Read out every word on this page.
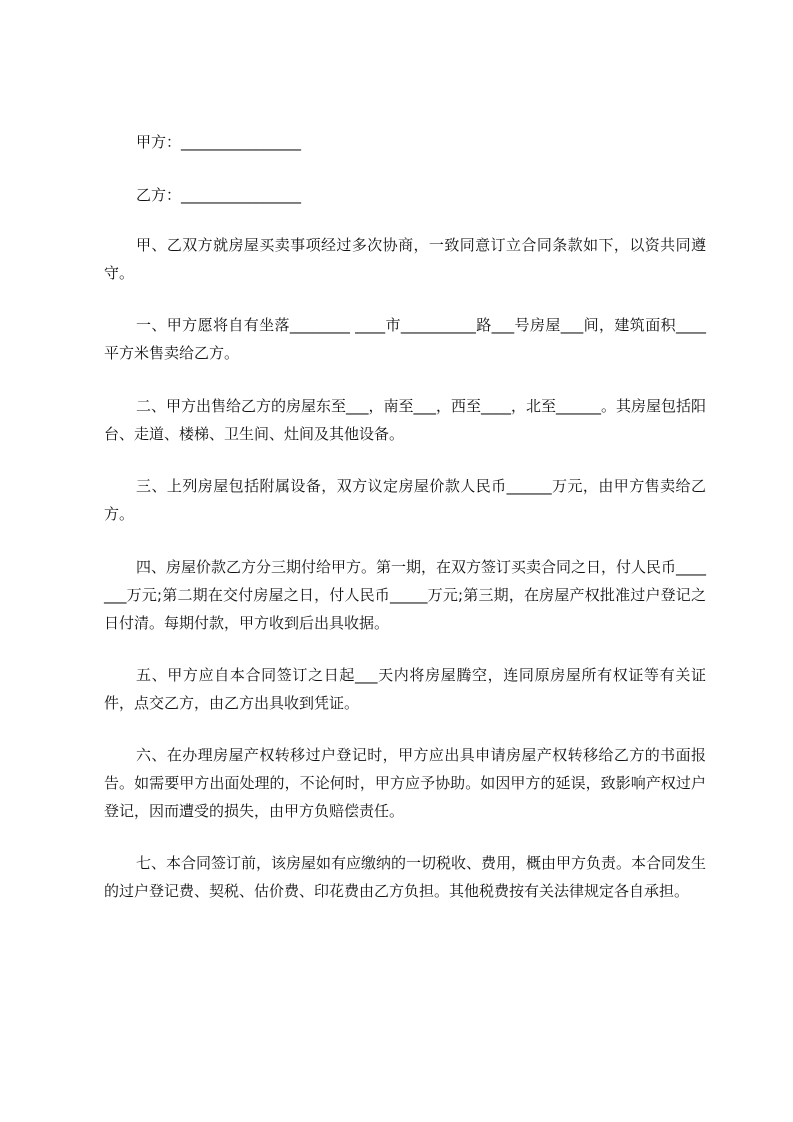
甲方：________________
乙方：________________
甲、乙双方就房屋买卖事项经过多次协商，一致同意订立合同条款如下，以资共同遵守。
一、甲方愿将自有坐落________ ____市__________路___号房屋___间，建筑面积____平方米售卖给乙方。
二、甲方出售给乙方的房屋东至___，南至___，西至____，北至______。其房屋包括阳台、走道、楼梯、卫生间、灶间及其他设备。
三、上列房屋包括附属设备，双方议定房屋价款人民币______万元，由甲方售卖给乙方。
四、房屋价款乙方分三期付给甲方。第一期，在双方签订买卖合同之日，付人民币_______万元;第二期在交付房屋之日，付人民币_____万元;第三期，在房屋产权批准过户登记之日付清。每期付款，甲方收到后出具收据。
五、甲方应自本合同签订之日起___天内将房屋腾空，连同原房屋所有权证等有关证件，点交乙方，由乙方出具收到凭证。
六、在办理房屋产权转移过户登记时，甲方应出具申请房屋产权转移给乙方的书面报告。如需要甲方出面处理的，不论何时，甲方应予协助。如因甲方的延误，致影响产权过户登记，因而遭受的损失，由甲方负赔偿责任。
七、本合同签订前，该房屋如有应缴纳的一切税收、费用，概由甲方负责。本合同发生的过户登记费、契税、估价费、印花费由乙方负担。其他税费按有关法律规定各自承担。
